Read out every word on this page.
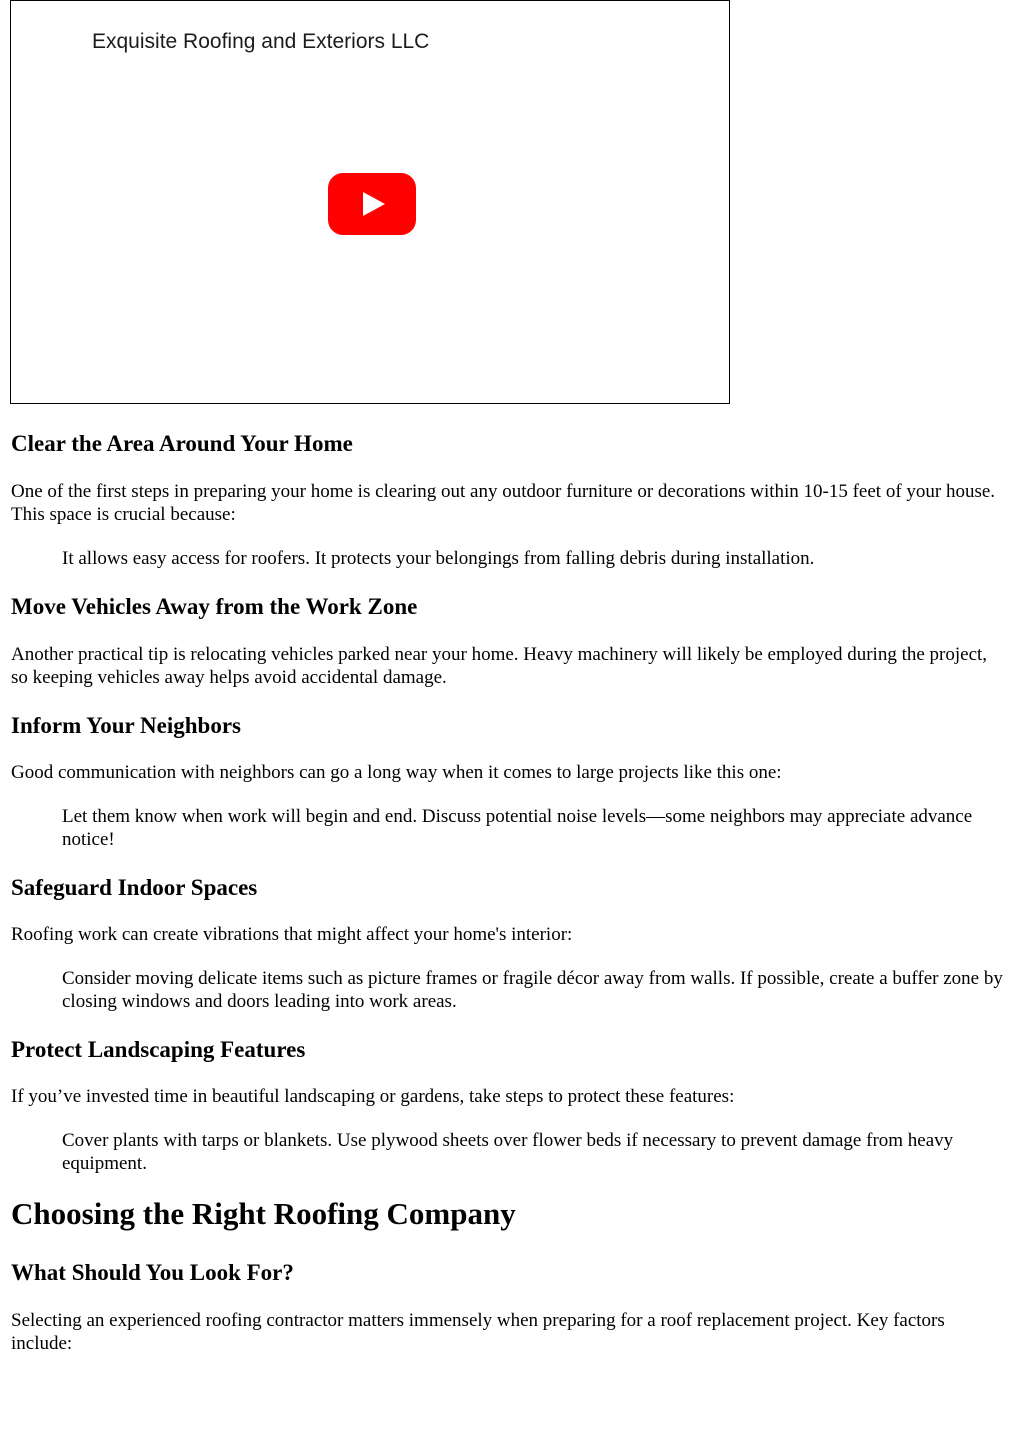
Exquisite Roofing and Exteriors LLC
Clear the Area Around Your Home

One of the first steps in preparing your home is clearing out any outdoor furniture or decorations within 10-15 feet of your house. This space is crucial because:

It allows easy access for roofers. It protects your belongings from falling debris during installation.

Move Vehicles Away from the Work Zone

Another practical tip is relocating vehicles parked near your home. Heavy machinery will likely be employed during the project, so keeping vehicles away helps avoid accidental damage.

Inform Your Neighbors

Good communication with neighbors can go a long way when it comes to large projects like this one:

Let them know when work will begin and end. Discuss potential noise levels—some neighbors may appreciate advance notice!

Safeguard Indoor Spaces

Roofing work can create vibrations that might affect your home's interior:

Consider moving delicate items such as picture frames or fragile décor away from walls. If possible, create a buffer zone by closing windows and doors leading into work areas.

Protect Landscaping Features

If you’ve invested time in beautiful landscaping or gardens, take steps to protect these features:

Cover plants with tarps or blankets. Use plywood sheets over flower beds if necessary to prevent damage from heavy equipment.

Choosing the Right Roofing Company
What Should You Look For?

Selecting an experienced roofing contractor matters immensely when preparing for a roof replacement project. Key factors include:
